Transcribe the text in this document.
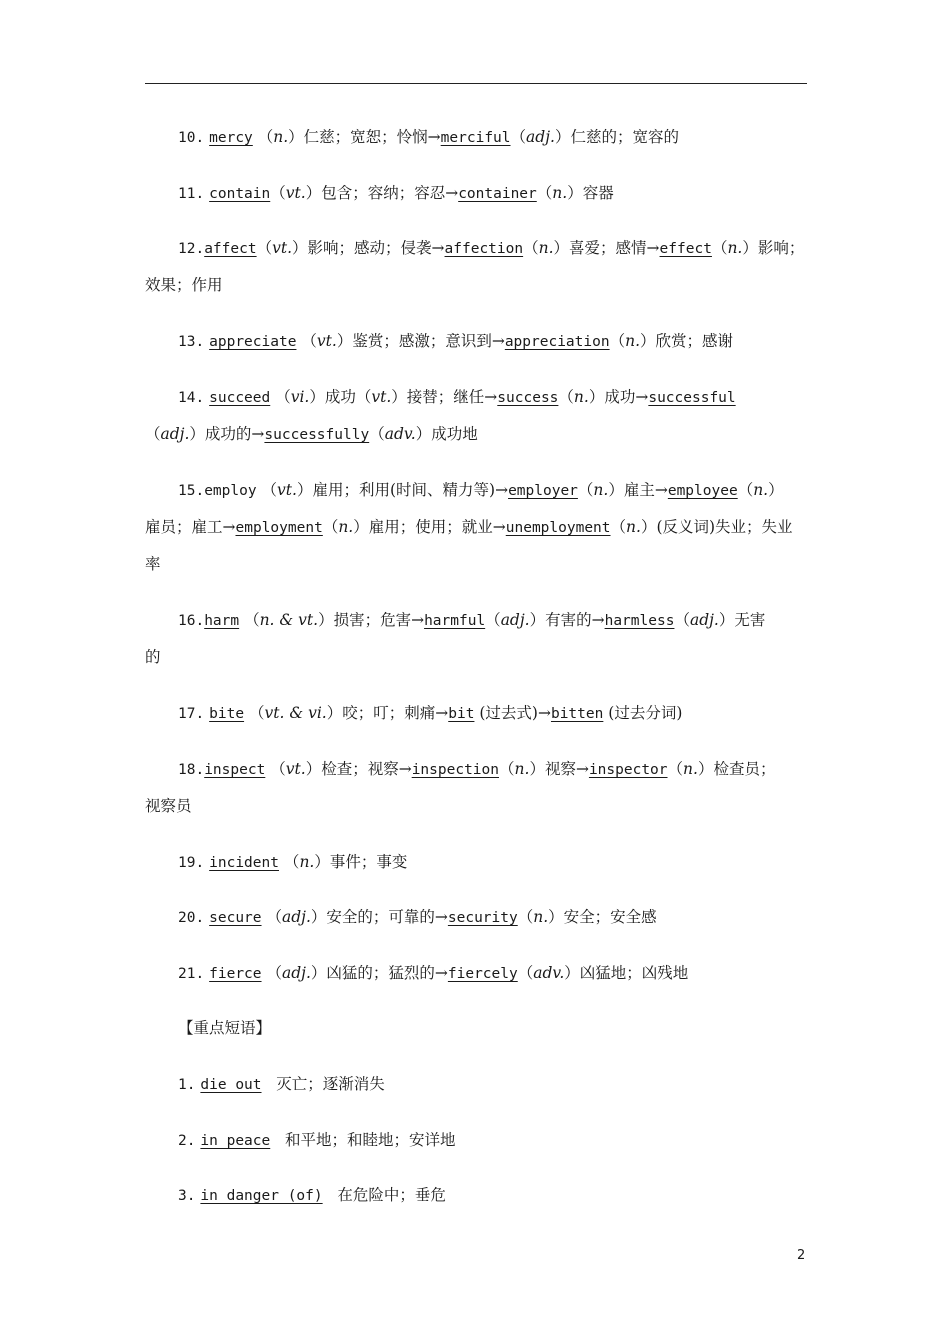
10. mercy （n.）仁慈；宽恕；怜悯→merciful（adj.）仁慈的；宽容的
11. contain（vt.）包含；容纳；容忍→container（n.）容器
12.affect（vt.）影响；感动；侵袭→affection（n.）喜爱；感情→effect（n.）影响；
效果；作用
13. appreciate （vt.）鉴赏；感激；意识到→appreciation（n.）欣赏；感谢
14. succeed （vi.）成功（vt.）接替；继任→success（n.）成功→successful
（adj.）成功的→successfully（adv.）成功地
15.employ （vt.）雇用；利用(时间、精力等)→employer（n.）雇主→employee（n.）
雇员；雇工→employment（n.）雇用；使用；就业→unemployment（n.）(反义词)失业；失业
率
16.harm （n. & vt.）损害；危害→harmful（adj.）有害的→harmless（adj.）无害
的
17. bite （vt. & vi.）咬；叮；刺痛→bit (过去式)→bitten (过去分词)
18.inspect （vt.）检查；视察→inspection（n.）视察→inspector（n.）检查员；
视察员
19. incident （n.）事件；事变
20. secure （adj.）安全的；可靠的→security（n.）安全；安全感
21. fierce （adj.）凶猛的；猛烈的→fiercely（adv.）凶猛地；凶残地
【重点短语】
1. die out 灭亡；逐渐消失
2. in peace 和平地；和睦地；安详地
3. in danger (of) 在危险中；垂危
2
